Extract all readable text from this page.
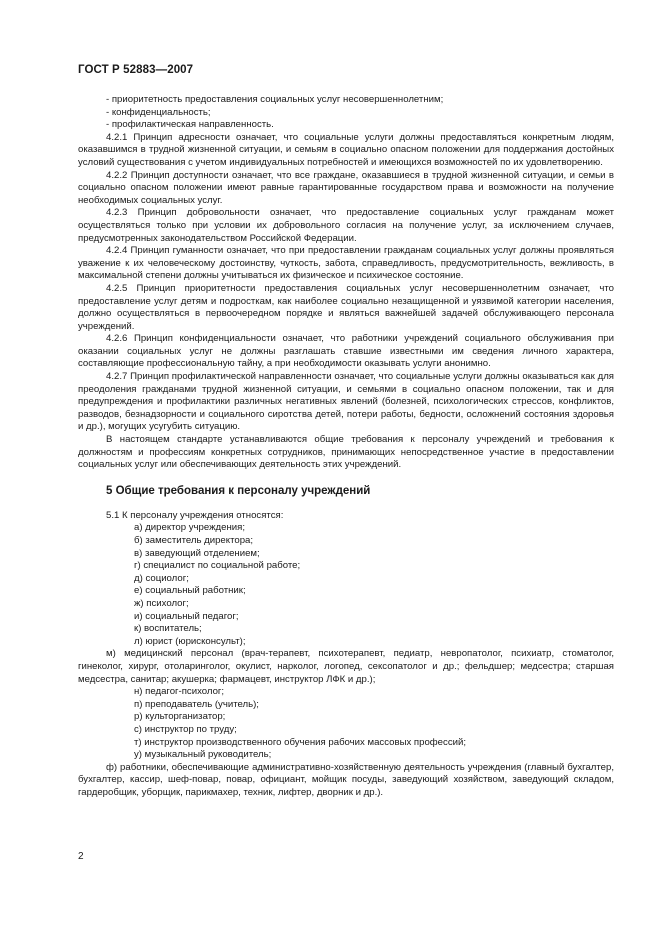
ГОСТ Р 52883—2007

- приоритетность предоставления социальных услуг несовершеннолетним;

- конфиденциальность;

- профилактическая направленность.

4.2.1 Принцип адресности означает, что социальные услуги должны предоставляться конкретным людям, оказавшимся в трудной жизненной ситуации, и семьям в социально опасном положении для поддержания достойных условий существования с учетом индивидуальных потребностей и имеющихся возможностей по их удовлетворению.

4.2.2 Принцип доступности означает, что все граждане, оказавшиеся в трудной жизненной ситуации, и семьи в социально опасном положении имеют равные гарантированные государством права и возможности на получение необходимых социальных услуг.

4.2.3 Принцип добровольности означает, что предоставление социальных услуг гражданам может осуществляться только при условии их добровольного согласия на получение услуг, за исключением случаев, предусмотренных законодательством Российской Федерации.

4.2.4 Принцип гуманности означает, что при предоставлении гражданам социальных услуг должны проявляться уважение к их человеческому достоинству, чуткость, забота, справедливость, предусмотрительность, вежливость, в максимальной степени должны учитываться их физическое и психическое состояние.

4.2.5 Принцип приоритетности предоставления социальных услуг несовершеннолетним означает, что предоставление услуг детям и подросткам, как наиболее социально незащищенной и уязвимой категории населения, должно осуществляться в первоочередном порядке и являться важнейшей задачей обслуживающего персонала учреждений.

4.2.6 Принцип конфиденциальности означает, что работники учреждений социального обслуживания при оказании социальных услуг не должны разглашать ставшие известными им сведения личного характера, составляющие профессиональную тайну, а при необходимости оказывать услуги анонимно.

4.2.7 Принцип профилактической направленности означает, что социальные услуги должны оказываться как для преодоления гражданами трудной жизненной ситуации, и семьями в социально опасном положении, так и для предупреждения и профилактики различных негативных явлений (болезней, психологических стрессов, конфликтов, разводов, безнадзорности и социального сиротства детей, потери работы, бедности, осложнений состояния здоровья и др.), могущих усугубить ситуацию.

В настоящем стандарте устанавливаются общие требования к персоналу учреждений и требования к должностям и профессиям конкретных сотрудников, принимающих непосредственное участие в предоставлении социальных услуг или обеспечивающих деятельность этих учреждений.

5 Общие требования к персоналу учреждений

5.1 К персоналу учреждения относятся:

а) директор учреждения;

б) заместитель директора;

в) заведующий отделением;

г) специалист по социальной работе;

д) социолог;

е) социальный работник;

ж) психолог;

и) социальный педагог;

к) воспитатель;

л) юрист (юрисконсульт);

м) медицинский персонал (врач-терапевт, психотерапевт, педиатр, невропатолог, психиатр, стоматолог, гинеколог, хирург, отоларинголог, окулист, нарколог, логопед, сексопатолог и др.; фельдшер; медсестра; старшая медсестра, санитар; акушерка; фармацевт, инструктор ЛФК и др.);

н) педагог-психолог;

п) преподаватель (учитель);

р) культорганизатор;

с) инструктор по труду;

т) инструктор производственного обучения рабочих массовых профессий;

у) музыкальный руководитель;

ф) работники, обеспечивающие административно-хозяйственную деятельность учреждения (главный бухгалтер, бухгалтер, кассир, шеф-повар, повар, официант, мойщик посуды, заведующий хозяйством, заведующий складом, гардеробщик, уборщик, парикмахер, техник, лифтер, дворник и др.).

2
